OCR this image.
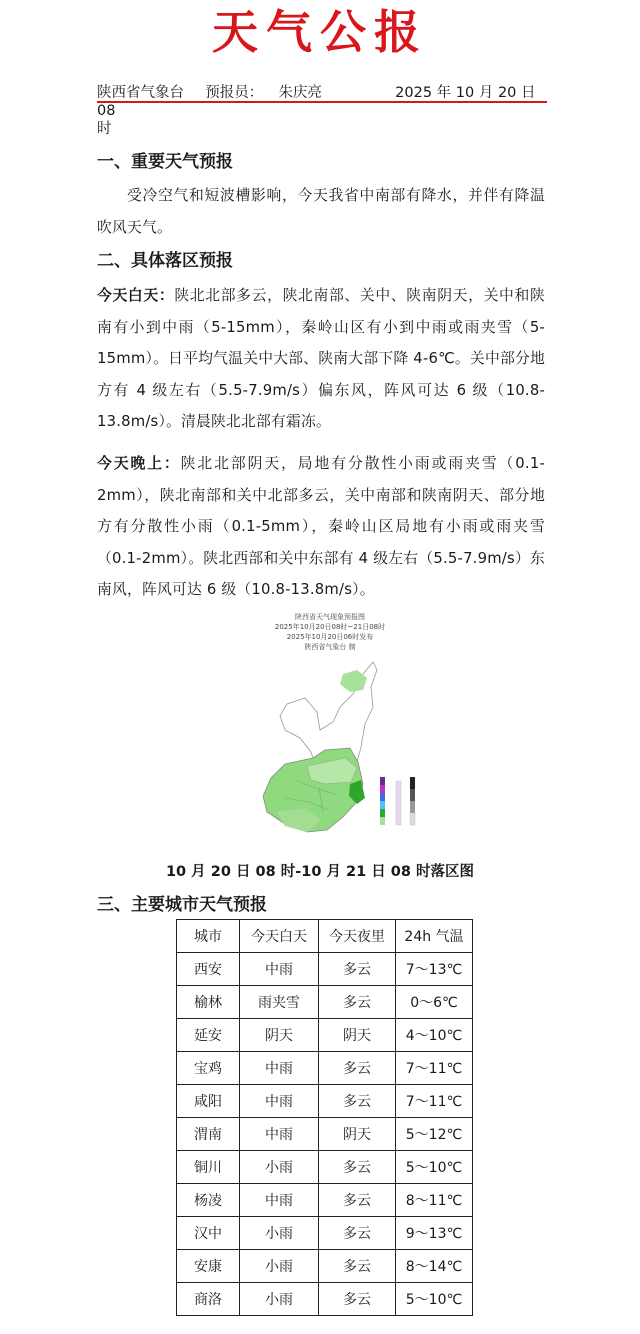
天气公报
陕西省气象台 预报员： 朱庆亮	2025 年 10 月 20 日 08
时
一、重要天气预报
受冷空气和短波槽影响，今天我省中南部有降水，并伴有降温吹风天气。
二、具体落区预报
今天白天：陕北北部多云，陕北南部、关中、陕南阴天，关中和陕南有小到中雨（5-15mm），秦岭山区有小到中雨或雨夹雪（5-15mm）。日平均气温关中大部、陕南大部下降 4-6℃。关中部分地方有 4 级左右（5.5-7.9m/s）偏东风，阵风可达 6 级（10.8-13.8m/s）。清晨陕北北部有霜冻。
今天晚上：陕北北部阴天，局地有分散性小雨或雨夹雪（0.1-2mm），陕北南部和关中北部多云，关中南部和陕南阴天、部分地方有分散性小雨（0.1-5mm），秦岭山区局地有小雨或雨夹雪（0.1-2mm）。陕北西部和关中东部有 4 级左右（5.5-7.9m/s）东南风，阵风可达 6 级（10.8-13.8m/s）。
陕西省天气现象预报图
2025年10月20日08时~21日08时
2025年10月20日06时发布
陕西省气象台 制
10 月 20 日 08 时-10 月 21 日 08 时落区图
三、主要城市天气预报
城市	今天白天	今天夜里	24h 气温
西安	中雨	多云	7～13℃
榆林	雨夹雪	多云	0～6℃
延安	阴天	阴天	4～10℃
宝鸡	中雨	多云	7～11℃
咸阳	中雨	多云	7～11℃
渭南	中雨	阴天	5～12℃
铜川	小雨	多云	5～10℃
杨凌	中雨	多云	8～11℃
汉中	小雨	多云	9～13℃
安康	小雨	多云	8～14℃
商洛	小雨	多云	5～10℃
